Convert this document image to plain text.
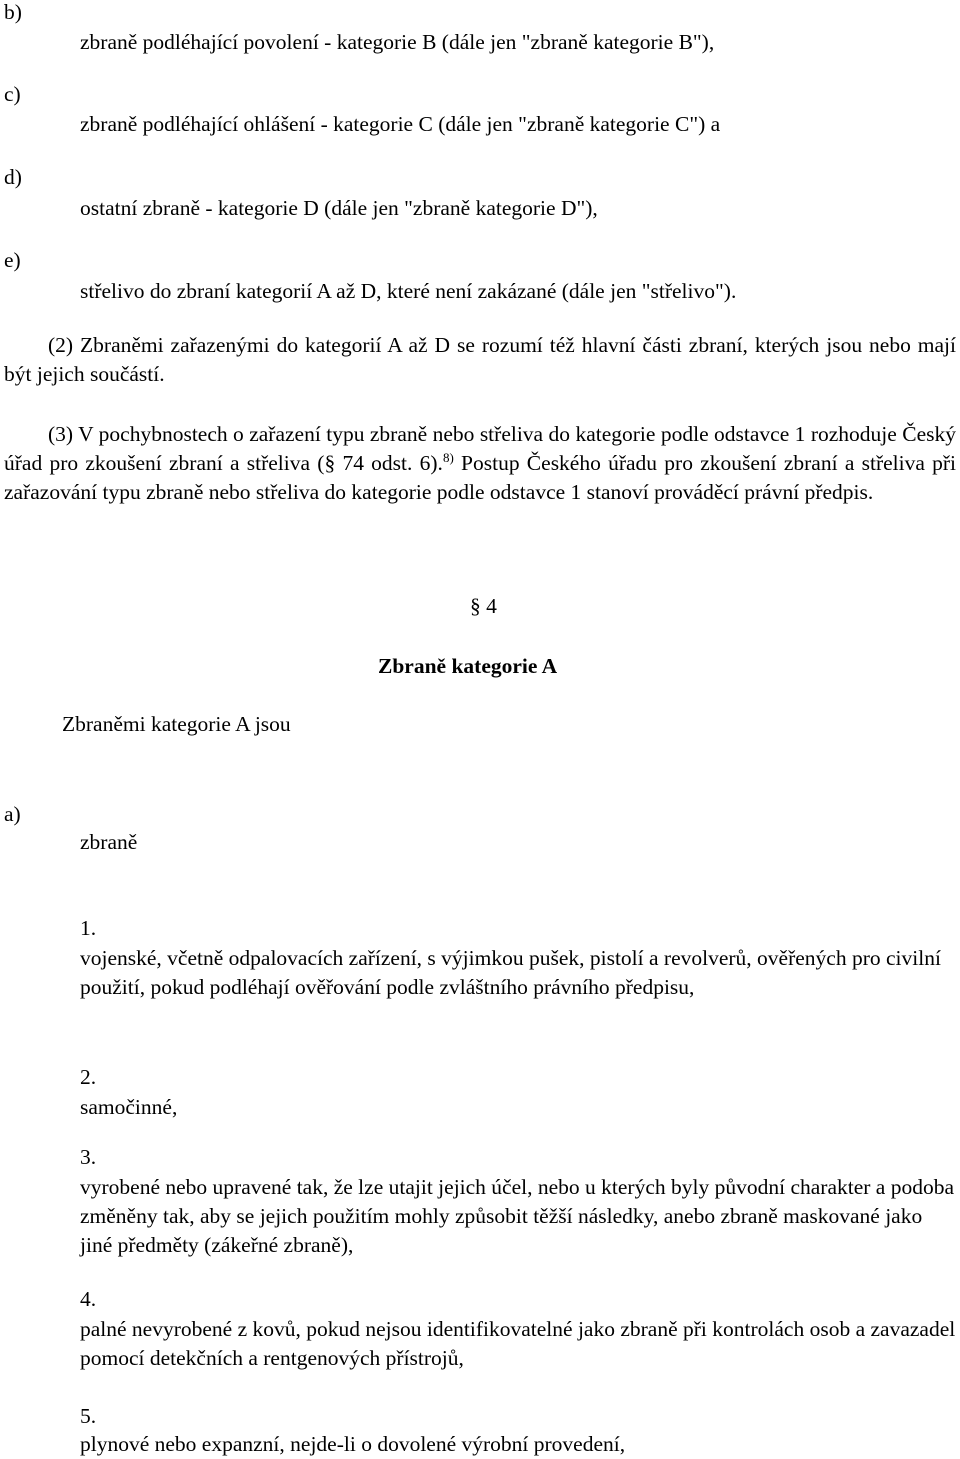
b)
zbraně podléhající povolení - kategorie B (dále jen "zbraně kategorie B"),
c)
zbraně podléhající ohlášení - kategorie C (dále jen "zbraně kategorie C") a
d)
ostatní zbraně - kategorie D (dále jen "zbraně kategorie D"),
e)
střelivo do zbraní kategorií A až D, které není zakázané (dále jen "střelivo").
(2) Zbraněmi zařazenými do kategorií A až D se rozumí též hlavní části zbraní, kterých jsou nebo mají být jejich součástí.
(3) V pochybnostech o zařazení typu zbraně nebo střeliva do kategorie podle odstavce 1 rozhoduje Český úřad pro zkoušení zbraní a střeliva (§ 74 odst. 6).$^{8)}$ Postup Českého úřadu pro zkoušení zbraní a střeliva při zařazování typu zbraně nebo střeliva do kategorie podle odstavce 1 stanoví prováděcí právní předpis.
§ 4
Zbraně kategorie A
Zbraněmi kategorie A jsou
a)
zbraně
1.
vojenské, včetně odpalovacích zařízení, s výjimkou pušek, pistolí a revolverů, ověřených pro civilní použití, pokud podléhají ověřování podle zvláštního právního předpisu,
2.
samočinné,
3.
vyrobené nebo upravené tak, že lze utajit jejich účel, nebo u kterých byly původní charakter a podoba změněny tak, aby se jejich použitím mohly způsobit těžší následky, anebo zbraně maskované jako jiné předměty (zákeřné zbraně),
4.
palné nevyrobené z kovů, pokud nejsou identifikovatelné jako zbraně při kontrolách osob a zavazadel pomocí detekčních a rentgenových přístrojů,
5.
plynové nebo expanzní, nejde-li o dovolené výrobní provedení,
